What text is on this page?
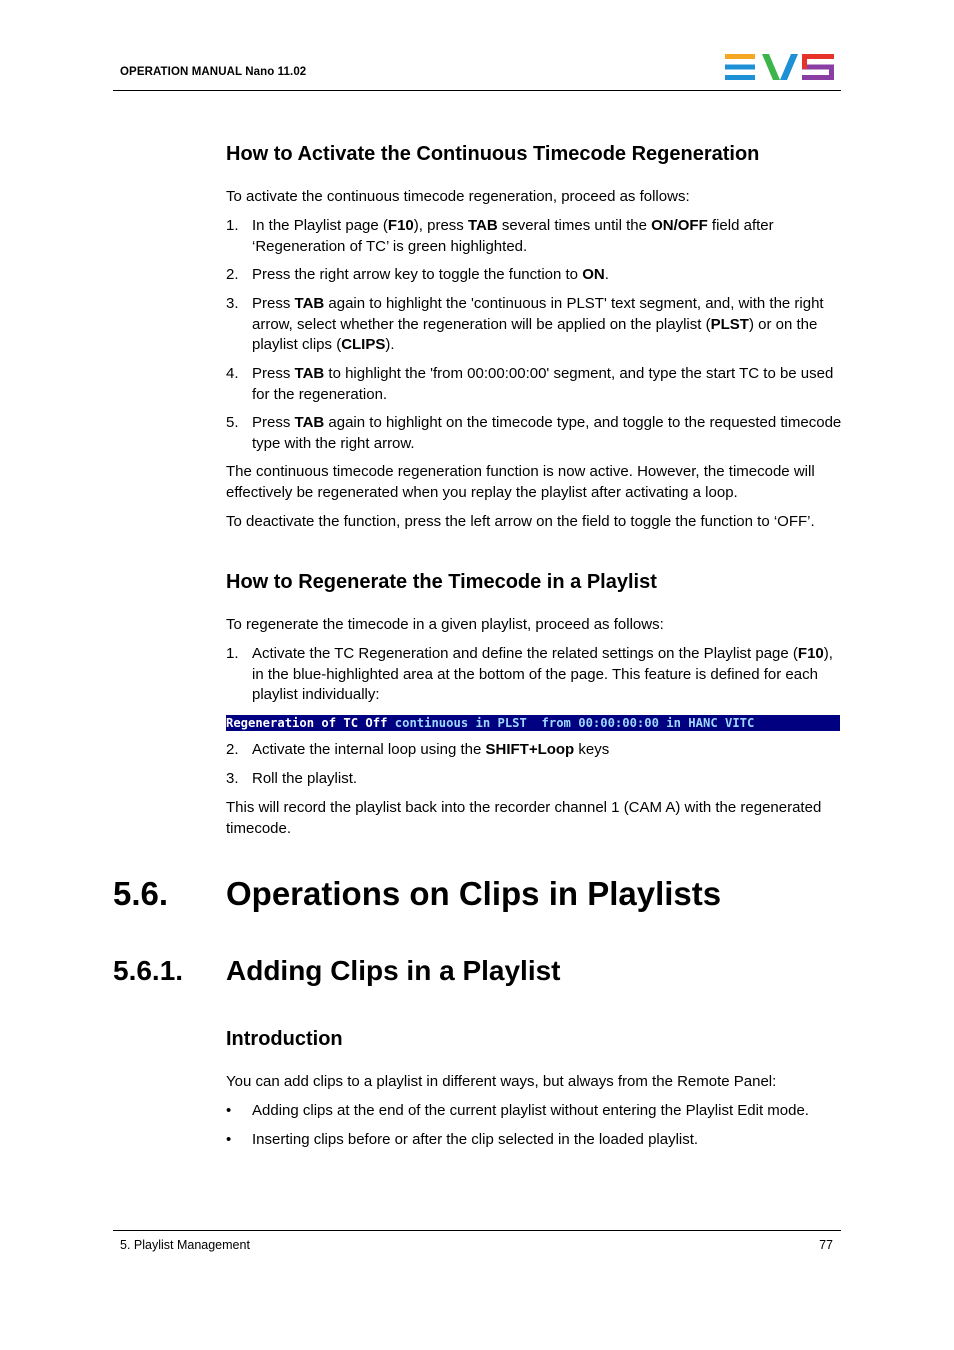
OPERATION MANUAL Nano 11.02
How to Activate the Continuous Timecode Regeneration
To activate the continuous timecode regeneration, proceed as follows:
1. In the Playlist page (F10), press TAB several times until the ON/OFF field after ‘Regeneration of TC’ is green highlighted.
2. Press the right arrow key to toggle the function to ON.
3. Press TAB again to highlight the 'continuous in PLST' text segment, and, with the right arrow, select whether the regeneration will be applied on the playlist (PLST) or on the playlist clips (CLIPS).
4. Press TAB to highlight the 'from 00:00:00:00' segment, and type the start TC to be used for the regeneration.
5. Press TAB again to highlight on the timecode type, and toggle to the requested timecode type with the right arrow.
The continuous timecode regeneration function is now active. However, the timecode will effectively be regenerated when you replay the playlist after activating a loop.
To deactivate the function, press the left arrow on the field to toggle the function to ‘OFF’.
How to Regenerate the Timecode in a Playlist
To regenerate the timecode in a given playlist, proceed as follows:
1. Activate the TC Regeneration and define the related settings on the Playlist page (F10), in the blue-highlighted area at the bottom of the page. This feature is defined for each playlist individually:
Regeneration of TC Off continuous in PLST from 00:00:00:00 in HANC VITC
2. Activate the internal loop using the SHIFT+Loop keys
3. Roll the playlist.
This will record the playlist back into the recorder channel 1 (CAM A) with the regenerated timecode.
5.6. Operations on Clips in Playlists
5.6.1. Adding Clips in a Playlist
Introduction
You can add clips to a playlist in different ways, but always from the Remote Panel:
•	Adding clips at the end of the current playlist without entering the Playlist Edit mode.
•	Inserting clips before or after the clip selected in the loaded playlist.
5. Playlist Management	77
